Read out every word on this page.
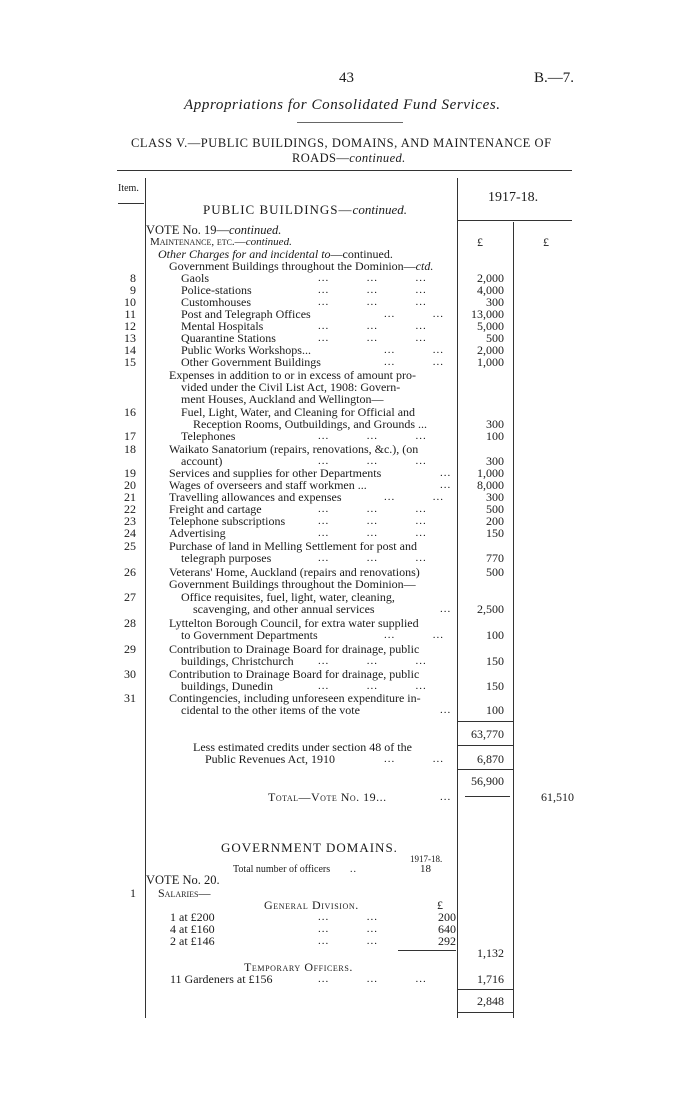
43	B.—7.
Appropriations for Consolidated Fund Services.
CLASS V.—PUBLIC BUILDINGS, DOMAINS, AND MAINTENANCE OF
ROADS—continued.
Item.
1917-18.
PUBLIC BUILDINGS—continued.
VOTE No. 19—continued.
Maintenance, etc.—continued.	£	£
Other Charges for and incidental to—continued.
Government Buildings throughout the Dominion—ctd.
8	Gaols	...          ...          ...	2,000
9	Police-stations	...          ...          ...	4,000
10	Customhouses	...          ...          ...	300
11	Post and Telegraph Offices	...          ...	13,000
12	Mental Hospitals	...          ...          ...	5,000
13	Quarantine Stations	...          ...          ...	500
14	Public Works Workshops...	...          ...	2,000
15	Other Government Buildings	...          ...	1,000
Expenses in addition to or in excess of amount pro-
vided under the Civil List Act, 1908: Govern-
ment Houses, Auckland and Wellington—
16	Fuel, Light, Water, and Cleaning for Official and
Reception Rooms, Outbuildings, and Grounds ...	300
17	Telephones	...          ...          ...	100
18	Waikato Sanatorium (repairs, renovations, &c.), (on
account)	...          ...          ...	300
19	Services and supplies for other Departments	...	1,000
20	Wages of overseers and staff workmen ...	...	8,000
21	Travelling allowances and expenses	...          ...	300
22	Freight and cartage	...          ...          ...	500
23	Telephone subscriptions	...          ...          ...	200
24	Advertising	...          ...          ...	150
25	Purchase of land in Melling Settlement for post and
telegraph purposes	...          ...          ...	770
26	Veterans' Home, Auckland (repairs and renovations)	500
Government Buildings throughout the Dominion—
27	Office requisites, fuel, light, water, cleaning,
scavenging, and other annual services	...	2,500
28	Lyttelton Borough Council, for extra water supplied
to Government Departments	...          ...	100
29	Contribution to Drainage Board for drainage, public
buildings, Christchurch ...          ...          ...	150
30	Contribution to Drainage Board for drainage, public
buildings, Dunedin	...          ...          ...	150
31	Contingencies, including unforeseen expenditure in-
cidental to the other items of the vote	...	100
63,770
Less estimated credits under section 48 of the
Public Revenues Act, 1910	...          ...	6,870
56,900
Total—Vote No. 19...	...	61,510
GOVERNMENT DOMAINS.
1917-18.
Total number of officers ..	18
VOTE No. 20.
1 Salaries—
General Division.	£
1 at £200	...          ...	200
4 at £160	...          ...	640
2 at £146	...          ...	292
1,132
Temporary Officers.
11 Gardeners at £156	...          ...          ...	1,716
2,848
